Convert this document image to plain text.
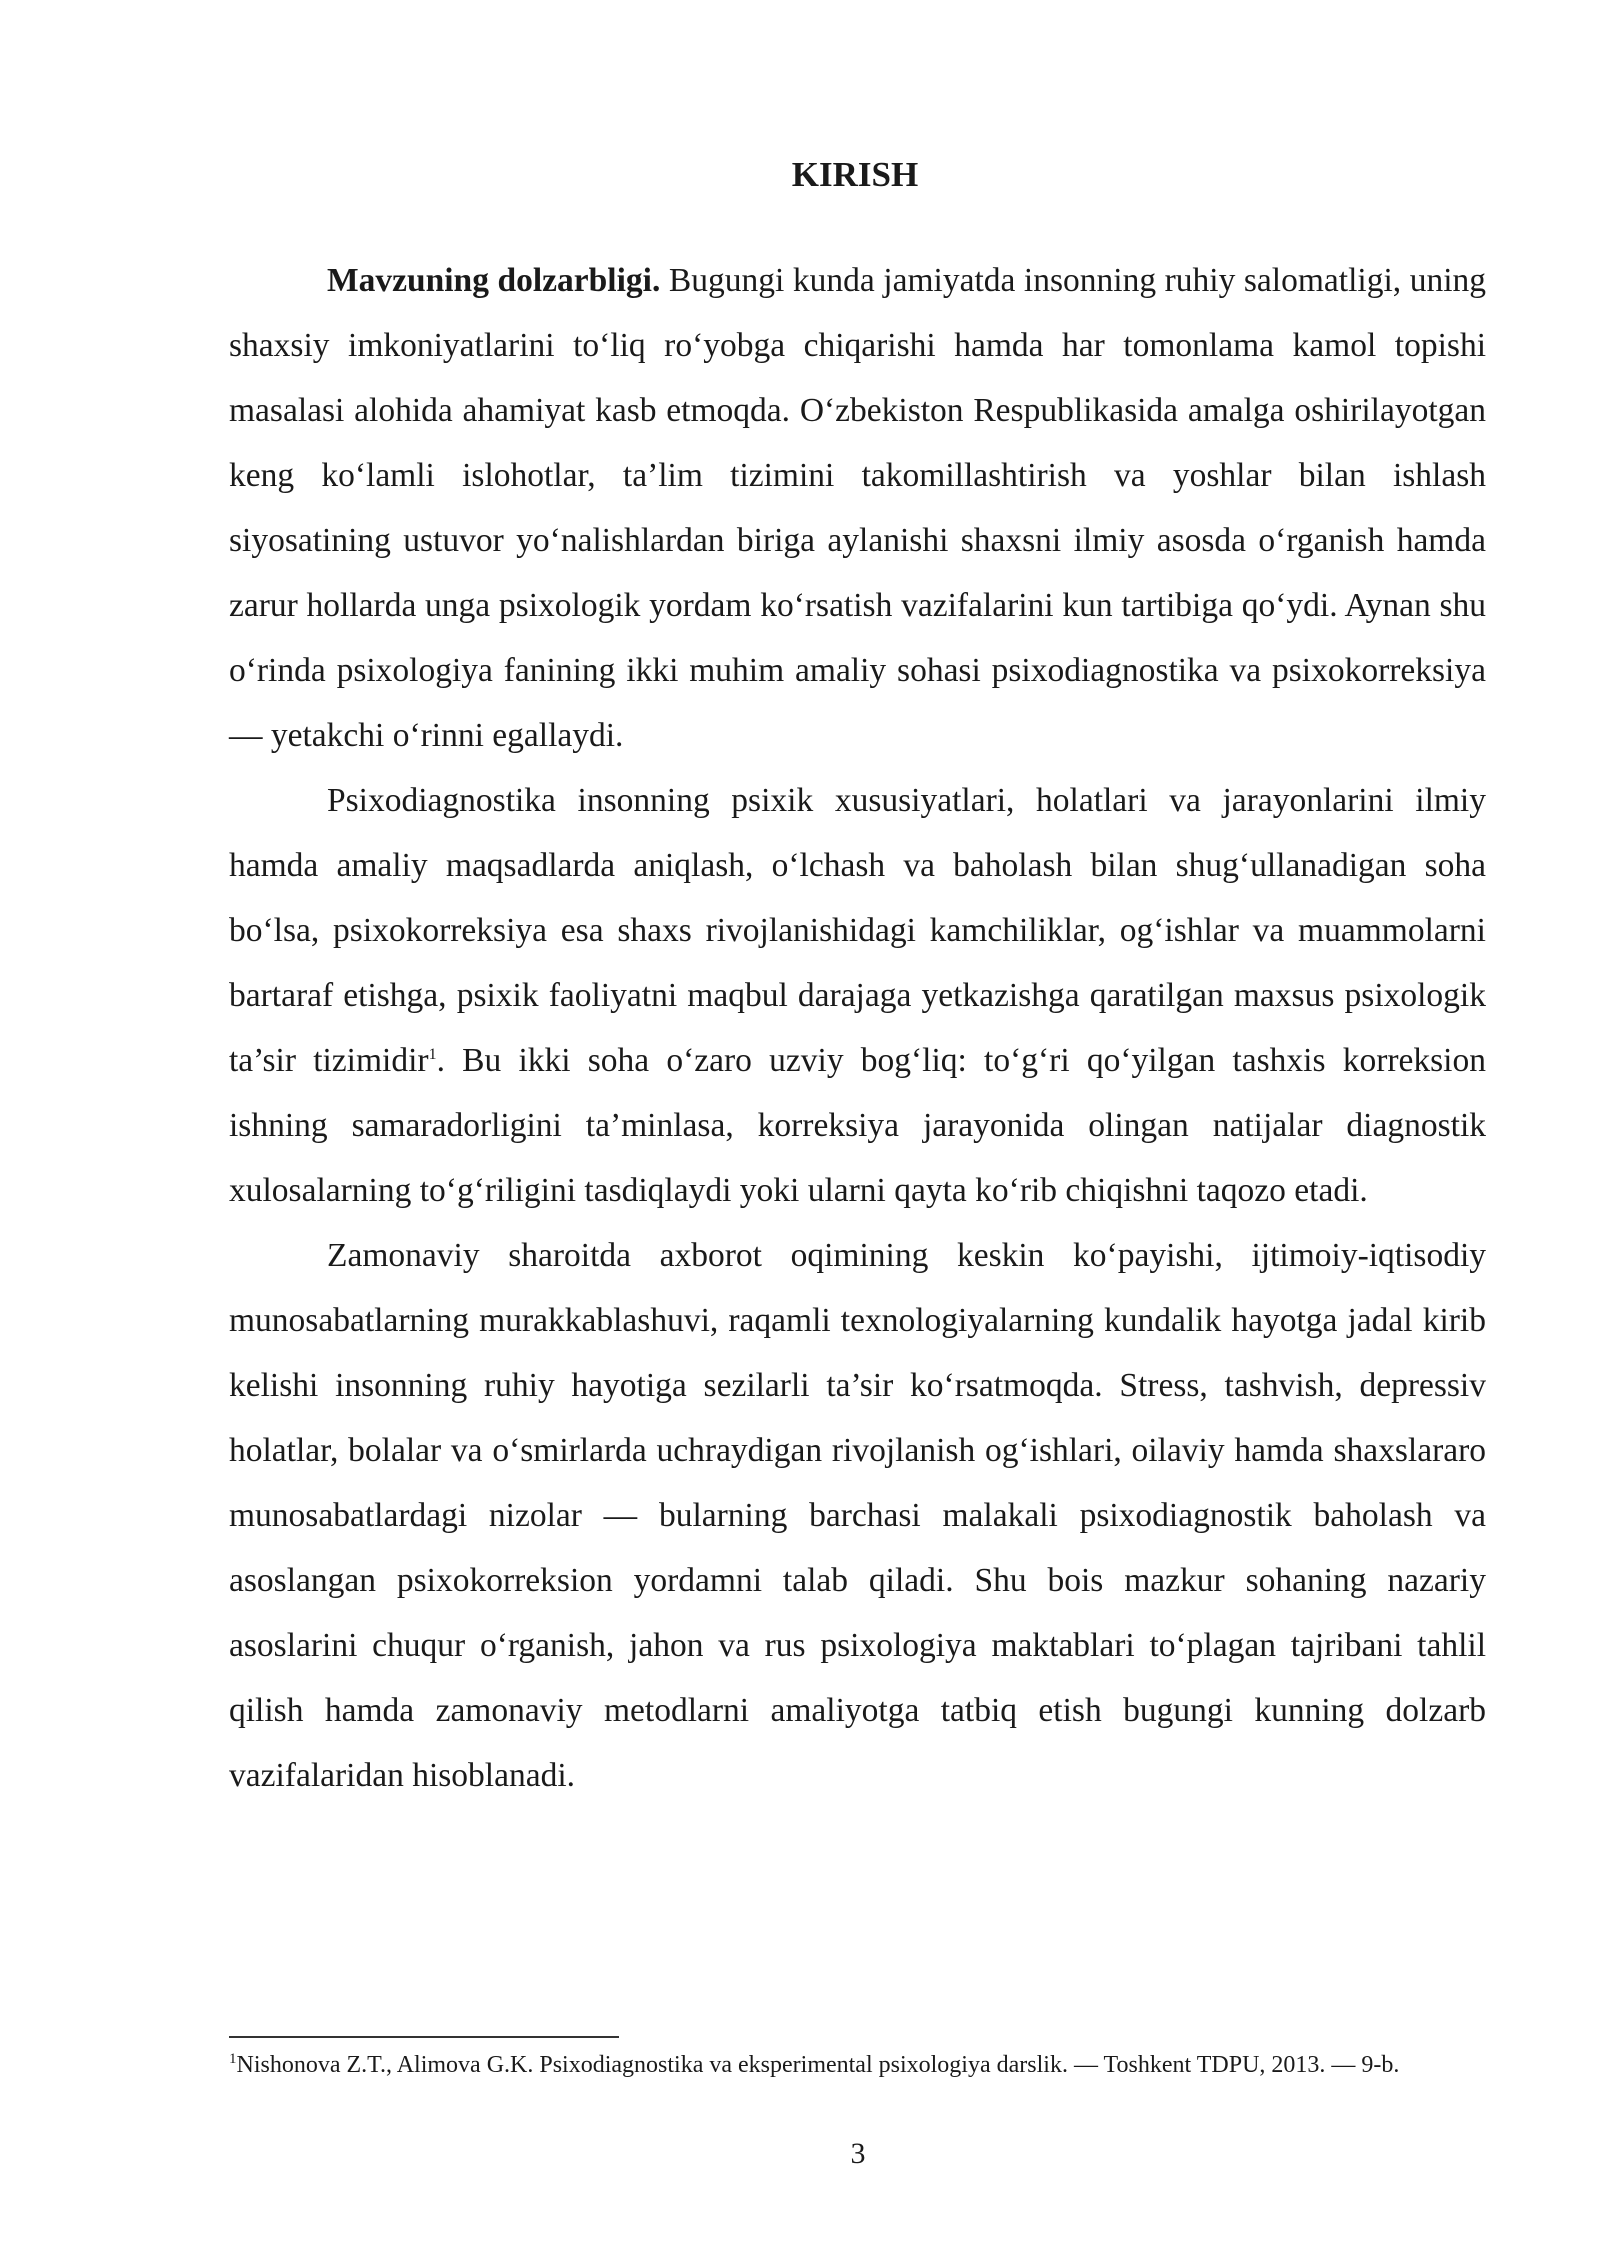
KIRISH

Mavzuning dolzarbligi. Bugungi kunda jamiyatda insonning ruhiy salomatligi, uning shaxsiy imkoniyatlarini to‘liq ro‘yobga chiqarishi hamda har tomonlama kamol topishi masalasi alohida ahamiyat kasb etmoqda. O‘zbekiston Respublikasida amalga oshirilayotgan keng ko‘lamli islohotlar, ta’lim tizimini takomillashtirish va yoshlar bilan ishlash siyosatining ustuvor yo‘nalishlardan biriga aylanishi shaxsni ilmiy asosda o‘rganish hamda zarur hollarda unga psixologik yordam ko‘rsatish vazifalarini kun tartibiga qo‘ydi. Aynan shu o‘rinda psixologiya fanining ikki muhim amaliy sohasi psixodiagnostika va psixokorreksiya — yetakchi o‘rinni egallaydi.

Psixodiagnostika insonning psixik xususiyatlari, holatlari va jarayonlarini ilmiy hamda amaliy maqsadlarda aniqlash, o‘lchash va baholash bilan shug‘ullanadigan soha bo‘lsa, psixokorreksiya esa shaxs rivojlanishidagi kamchiliklar, og‘ishlar va muammolarni bartaraf etishga, psixik faoliyatni maqbul darajaga yetkazishga qaratilgan maxsus psixologik ta’sir tizimidir$^1$. Bu ikki soha o‘zaro uzviy bog‘liq: to‘g‘ri qo‘yilgan tashxis korreksion ishning samaradorligini ta’minlasa, korreksiya jarayonida olingan natijalar diagnostik xulosalarning to‘g‘riligini tasdiqlaydi yoki ularni qayta ko‘rib chiqishni taqozo etadi.

Zamonaviy sharoitda axborot oqimining keskin ko‘payishi, ijtimoiy-iqtisodiy munosabatlarning murakkablashuvi, raqamli texnologiyalarning kundalik hayotga jadal kirib kelishi insonning ruhiy hayotiga sezilarli ta’sir ko‘rsatmoqda. Stress, tashvish, depressiv holatlar, bolalar va o‘smirlarda uchraydigan rivojlanish og‘ishlari, oilaviy hamda shaxslararo munosabatlardagi nizolar — bularning barchasi malakali psixodiagnostik baholash va asoslangan psixokorreksion yordamni talab qiladi. Shu bois mazkur sohaning nazariy asoslarini chuqur o‘rganish, jahon va rus psixologiya maktablari to‘plagan tajribani tahlil qilish hamda zamonaviy metodlarni amaliyotga tatbiq etish bugungi kunning dolzarb vazifalaridan hisoblanadi.

$^1$Nishonova Z.T., Alimova G.K. Psixodiagnostika va eksperimental psixologiya darslik. — Toshkent TDPU, 2013. — 9-b.
3
